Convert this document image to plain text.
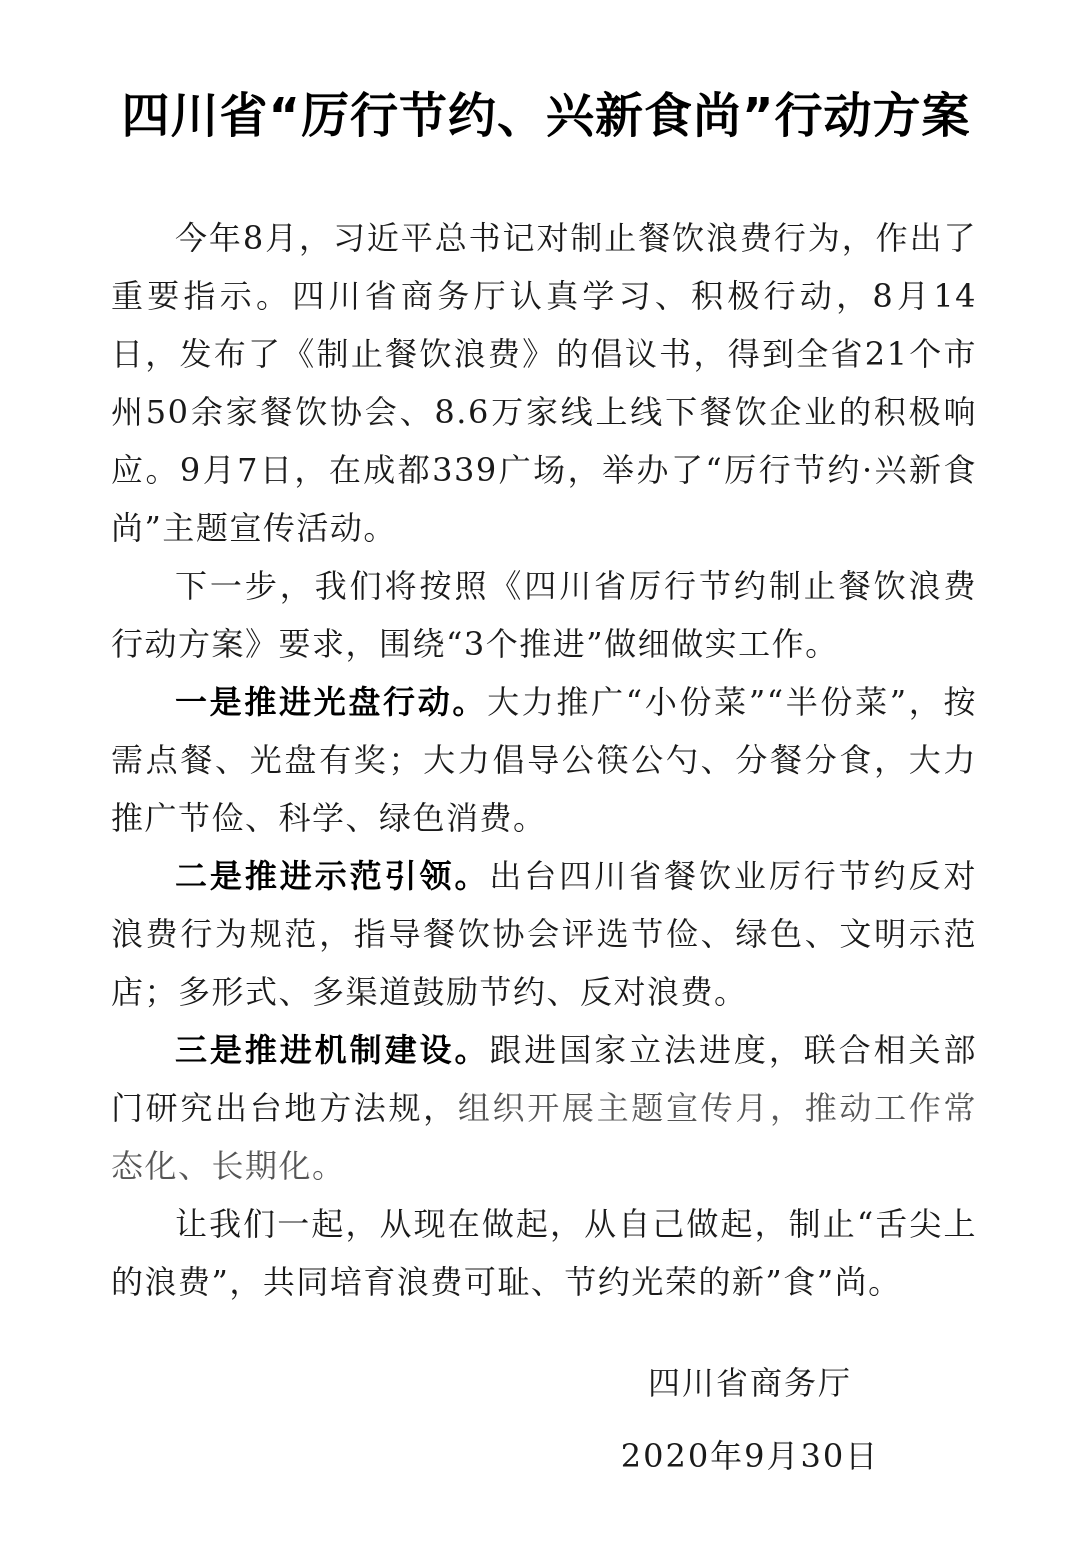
四川省“厉行节约、兴新食尚”行动方案

今年8月，习近平总书记对制止餐饮浪费行为，作出了重要指示。四川省商务厅认真学习、积极行动，8月14日，发布了《制止餐饮浪费》的倡议书，得到全省21个市州50余家餐饮协会、8.6万家线上线下餐饮企业的积极响应。9月7日，在成都339广场，举办了“厉行节约·兴新食尚”主题宣传活动。

下一步，我们将按照《四川省厉行节约制止餐饮浪费行动方案》要求，围绕“3个推进”做细做实工作。

一是推进光盘行动。大力推广“小份菜”“半份菜”，按需点餐、光盘有奖；大力倡导公筷公勺、分餐分食，大力推广节俭、科学、绿色消费。

二是推进示范引领。出台四川省餐饮业厉行节约反对浪费行为规范，指导餐饮协会评选节俭、绿色、文明示范店；多形式、多渠道鼓励节约、反对浪费。

三是推进机制建设。跟进国家立法进度，联合相关部门研究出台地方法规，组织开展主题宣传月，推动工作常态化、长期化。

让我们一起，从现在做起，从自己做起，制止“舌尖上的浪费”，共同培育浪费可耻、节约光荣的新”食”尚。

四川省商务厅

2020年9月30日
